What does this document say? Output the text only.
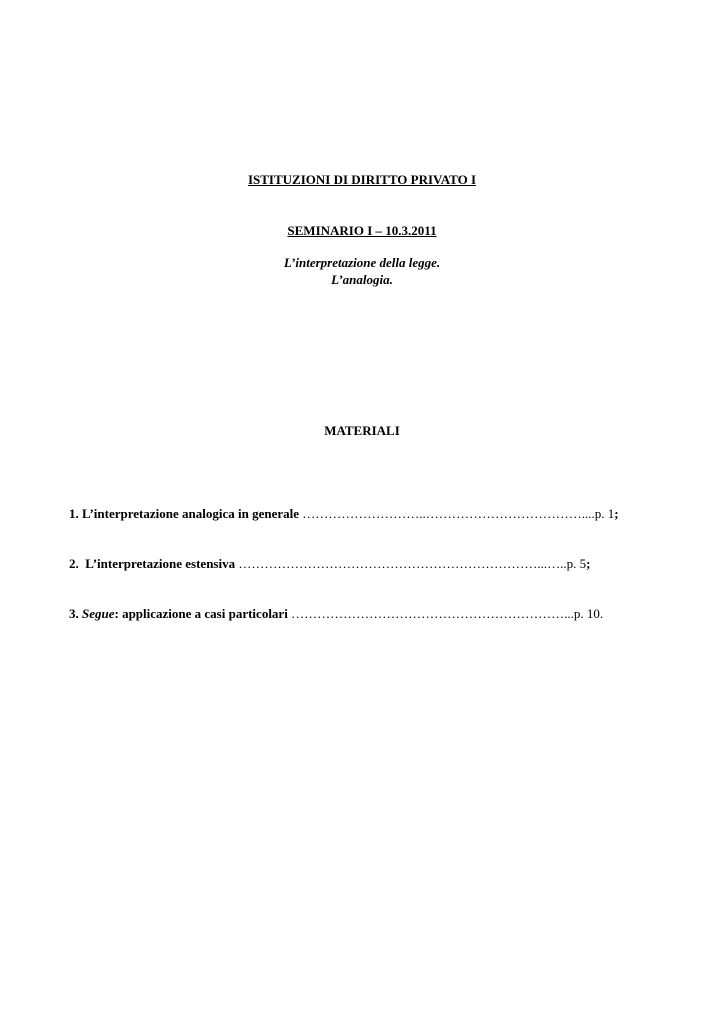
ISTITUZIONI DI DIRITTO PRIVATO I
SEMINARIO I – 10.3.2011
L’interpretazione della legge.
L’analogia.
MATERIALI
1. L’interpretazione analogica in generale ………………………..………………………………....p. 1;
2. L’interpretazione estensiva ……………………………………………………………...…..p. 5;
3. Segue: applicazione a casi particolari ………………………………………………………...p. 10.
